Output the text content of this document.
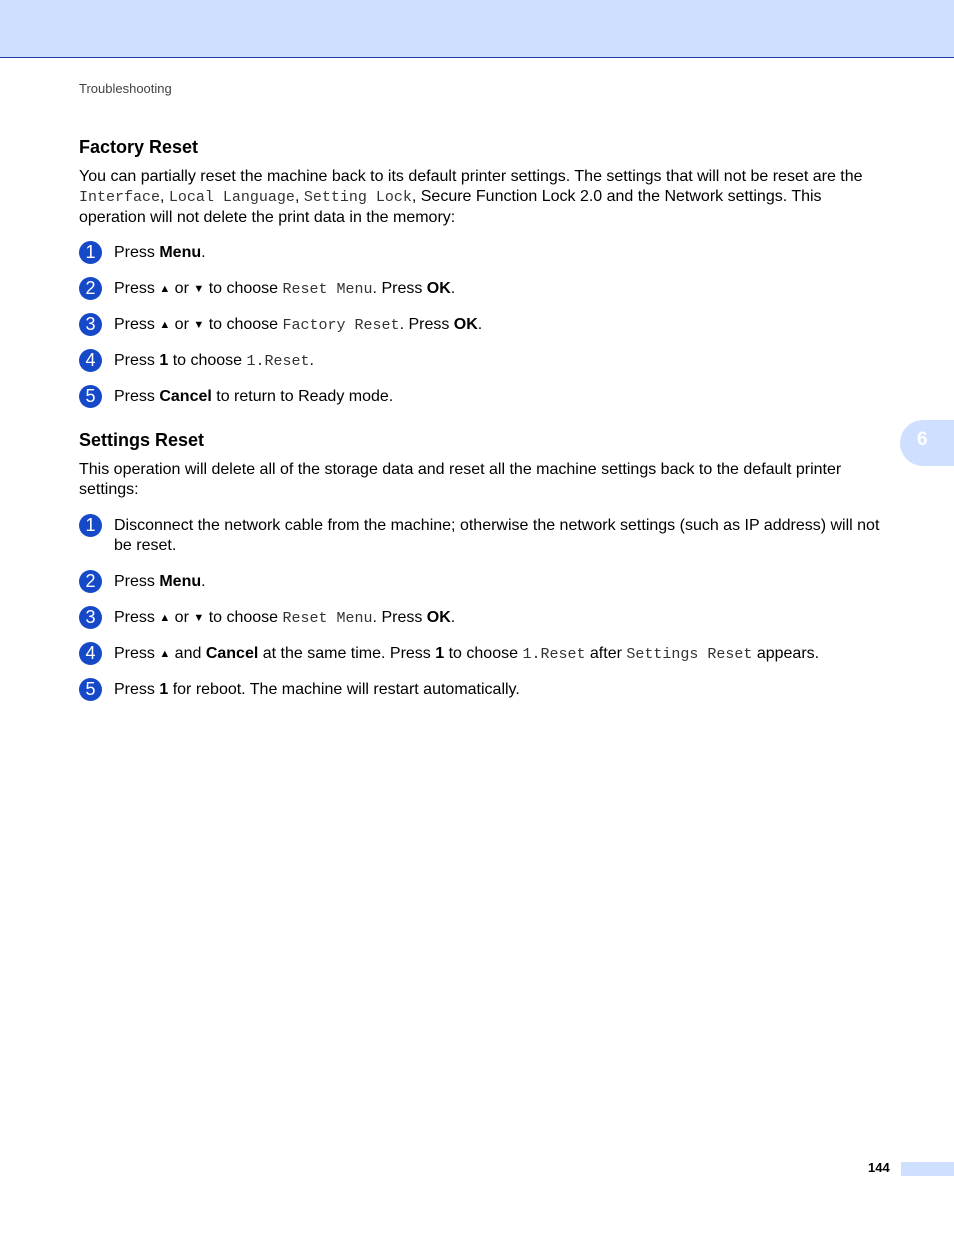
Troubleshooting
Factory Reset

You can partially reset the machine back to its default printer settings. The settings that will not be reset are the Interface, Local Language, Setting Lock, Secure Function Lock 2.0 and the Network settings. This operation will not delete the print data in the memory:

1	Press Menu.
2	Press ▲ or ▼ to choose Reset Menu. Press OK.
3	Press ▲ or ▼ to choose Factory Reset. Press OK.
4	Press 1 to choose 1.Reset.
5	Press Cancel to return to Ready mode.
Settings Reset

This operation will delete all of the storage data and reset all the machine settings back to the default printer settings:

1	Disconnect the network cable from the machine; otherwise the network settings (such as IP address) will not be reset.
2	Press Menu.
3	Press ▲ or ▼ to choose Reset Menu. Press OK.
4	Press ▲ and Cancel at the same time. Press 1 to choose 1.Reset after Settings Reset appears.
5	Press 1 for reboot. The machine will restart automatically.
6
144
